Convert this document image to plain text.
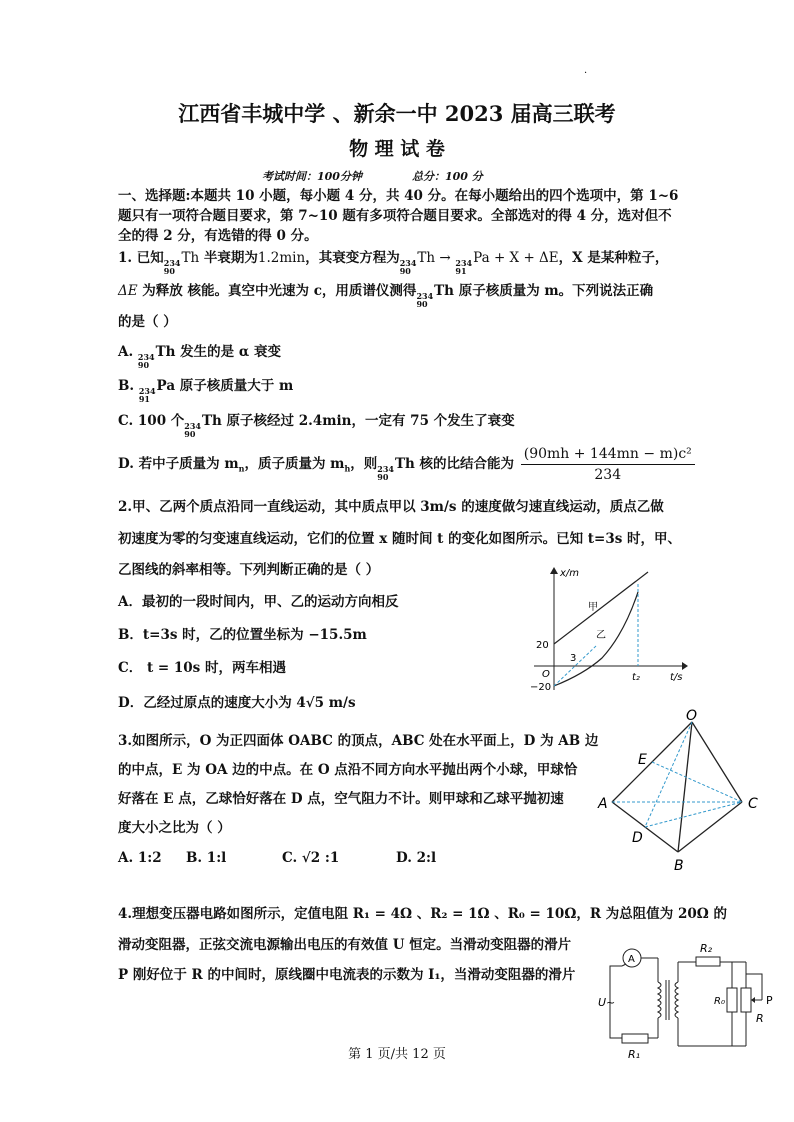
·
江西省丰城中学 、新余一中 2023 届高三联考
物 理 试 卷
考试时间：100分钟	总分：100 分
一、选择题:本题共 10 小题，每小题 4 分，共 40 分。在每小题给出的四个选项中，第 1~6
题只有一项符合题目要求，第 7~10 题有多项符合题目要求。全部选对的得 4 分，选对但不
全的得 2 分，有选错的得 0 分。
1. 已知 234
90
Th 半衰期为1.2min，其衰变方程为 234
90
Th → 234
91
Pa + X + ΔE，X 是某种粒子，
ΔE 为释放 核能。真空中光速为 c，用质谱仪测得 234
90
Th 原子核质量为 m。下列说法正确
的是（ ）
A. 234
90
Th 发生的是 α 衰变
B. 234
91
Pa 原子核质量大于 m
C. 100 个 234
90
Th 原子核经过 2.4min，一定有 75 个发生了衰变
D. 若中子质量为 $m_n$，质子质量为 $m_h$，则 234
90
Th 核的比结合能为 $\frac{\text{(90mh + 144mn − m)c²}}{234}$
2.甲、乙两个质点沿同一直线运动，其中质点甲以 3m/s 的速度做匀速直线运动，质点乙做
初速度为零的匀变速直线运动，它们的位置 x 随时间 t 的变化如图所示。已知 t=3s 时，甲、
乙图线的斜率相等。下列判断正确的是（ ）
A．最初的一段时间内，甲、乙的运动方向相反
B．t=3s 时，乙的位置坐标为 −15.5m
C． t = 10s 时，两车相遇
D．乙经过原点的速度大小为 4√5 m/s
x/m
t/s
O
20
−20
3
t₂
甲
乙
3.如图所示，O 为正四面体 OABC 的顶点，ABC 处在水平面上，D 为 AB 边
的中点，E 为 OA 边的中点。在 O 点沿不同方向水平抛出两个小球，甲球恰
好落在 E 点，乙球恰好落在 D 点，空气阻力不计。则甲球和乙球平抛初速
度大小之比为（ ）
A. 1:2 B. 1:l	C. √2 :1	D. 2:l
O
A
B
C
D
E
4.理想变压器电路如图所示，定值电阻 R₁ = 4Ω 、R₂ = 1Ω 、R₀ = 10Ω，R 为总阻值为 20Ω 的
滑动变阻器，正弦交流电源输出电压的有效值 U 恒定。当滑动变阻器的滑片
P 刚好位于 R 的中间时，原线圈中电流表的示数为 I₁，当滑动变阻器的滑片
A
U~
R₁
R₂
R₀
R
P
第 1 页/共 12 页
